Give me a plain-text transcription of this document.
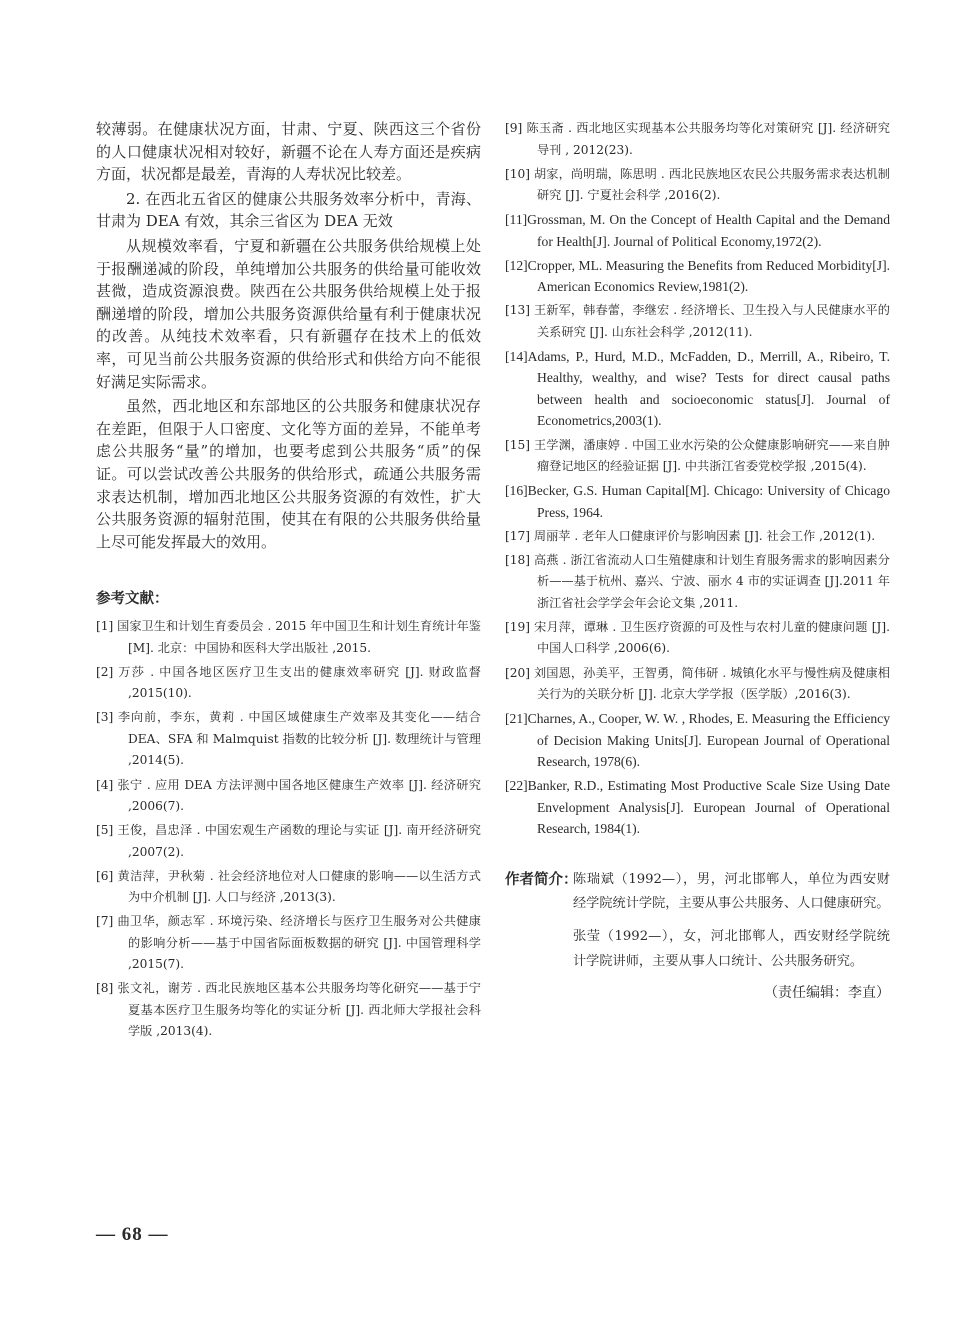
较薄弱。在健康状况方面，甘肃、宁夏、陕西这三个省份的人口健康状况相对较好，新疆不论在人寿方面还是疾病方面，状况都是最差，青海的人寿状况比较差。

2. 在西北五省区的健康公共服务效率分析中，青海、甘肃为 DEA 有效，其余三省区为 DEA 无效

从规模效率看，宁夏和新疆在公共服务供给规模上处于报酬递减的阶段，单纯增加公共服务的供给量可能收效甚微，造成资源浪费。陕西在公共服务供给规模上处于报酬递增的阶段，增加公共服务资源供给量有利于健康状况的改善。从纯技术效率看，只有新疆存在技术上的低效率，可见当前公共服务资源的供给形式和供给方向不能很好满足实际需求。

虽然，西北地区和东部地区的公共服务和健康状况存在差距，但限于人口密度、文化等方面的差异，不能单考虑公共服务“量”的增加，也要考虑到公共服务“质”的保证。可以尝试改善公共服务的供给形式，疏通公共服务需求表达机制，增加西北地区公共服务资源的有效性，扩大公共服务资源的辐射范围，使其在有限的公共服务供给量上尽可能发挥最大的效用。

参考文献：

[1] 国家卫生和计划生育委员会 . 2015 年中国卫生和计划生育统计年鉴 [M]. 北京：中国协和医科大学出版社 ,2015.

[2] 万莎 . 中国各地区医疗卫生支出的健康效率研究 [J]. 财政监督 ,2015(10).

[3] 李向前，李东，黄莉 . 中国区域健康生产效率及其变化——结合 DEA、SFA 和 Malmquist 指数的比较分析 [J]. 数理统计与管理 ,2014(5).

[4] 张宁 . 应用 DEA 方法评测中国各地区健康生产效率 [J]. 经济研究 ,2006(7).

[5] 王俊，昌忠泽 . 中国宏观生产函数的理论与实证 [J]. 南开经济研究 ,2007(2).

[6] 黄洁萍，尹秋菊 . 社会经济地位对人口健康的影响——以生活方式为中介机制 [J]. 人口与经济 ,2013(3).

[7] 曲卫华，颜志军 . 环境污染、经济增长与医疗卫生服务对公共健康的影响分析——基于中国省际面板数据的研究 [J]. 中国管理科学 ,2015(7).

[8] 张文礼，谢芳 . 西北民族地区基本公共服务均等化研究——基于宁夏基本医疗卫生服务均等化的实证分析 [J]. 西北师大学报社会科学版 ,2013(4).

[9] 陈玉斋 . 西北地区实现基本公共服务均等化对策研究 [J]. 经济研究导刊 , 2012(23).

[10] 胡家，尚明瑞，陈思明 . 西北民族地区农民公共服务需求表达机制研究 [J]. 宁夏社会科学 ,2016(2).

[11]Grossman, M. On the Concept of Health Capital and the Demand for Health[J]. Journal of Political Economy,1972(2).

[12]Cropper, ML. Measuring the Benefits from Reduced Morbidity[J]. American Economics Review,1981(2).

[13] 王新军，韩春蕾，李继宏 . 经济增长、卫生投入与人民健康水平的关系研究 [J]. 山东社会科学 ,2012(11).

[14]Adams, P., Hurd, M.D., McFadden, D., Merrill, A., Ribeiro, T. Healthy, wealthy, and wise? Tests for direct causal paths between health and socioeconomic status[J]. Journal of Econometrics,2003(1).

[15] 王学渊，潘康婷 . 中国工业水污染的公众健康影响研究——来自肿瘤登记地区的经验证据 [J]. 中共浙江省委党校学报 ,2015(4).

[16]Becker, G.S. Human Capital[M]. Chicago: University of Chicago Press, 1964.

[17] 周丽苹 . 老年人口健康评价与影响因素 [J]. 社会工作 ,2012(1).

[18] 高燕 . 浙江省流动人口生殖健康和计划生育服务需求的影响因素分析——基于杭州、嘉兴、宁波、丽水 4 市的实证调查 [J].2011 年浙江省社会学学会年会论文集 ,2011.

[19] 宋月萍，谭琳 . 卫生医疗资源的可及性与农村儿童的健康问题 [J]. 中国人口科学 ,2006(6).

[20] 刘国恩，孙美平，王智勇，简伟研 . 城镇化水平与慢性病及健康相关行为的关联分析 [J]. 北京大学学报（医学版）,2016(3).

[21]Charnes, A., Cooper, W. W. , Rhodes, E. Measuring the Efficiency of Decision Making Units[J]. European Journal of Operational Research, 1978(6).

[22]Banker, R.D., Estimating Most Productive Scale Size Using Date Envelopment Analysis[J]. European Journal of Operational Research, 1984(1).

作者简介：

陈瑞斌（1992—），男，河北邯郸人，单位为西安财经学院统计学院，主要从事公共服务、人口健康研究。

张莹（1992—），女，河北邯郸人，西安财经学院统计学院讲师，主要从事人口统计、公共服务研究。

（责任编辑：李直）
— 68 —
